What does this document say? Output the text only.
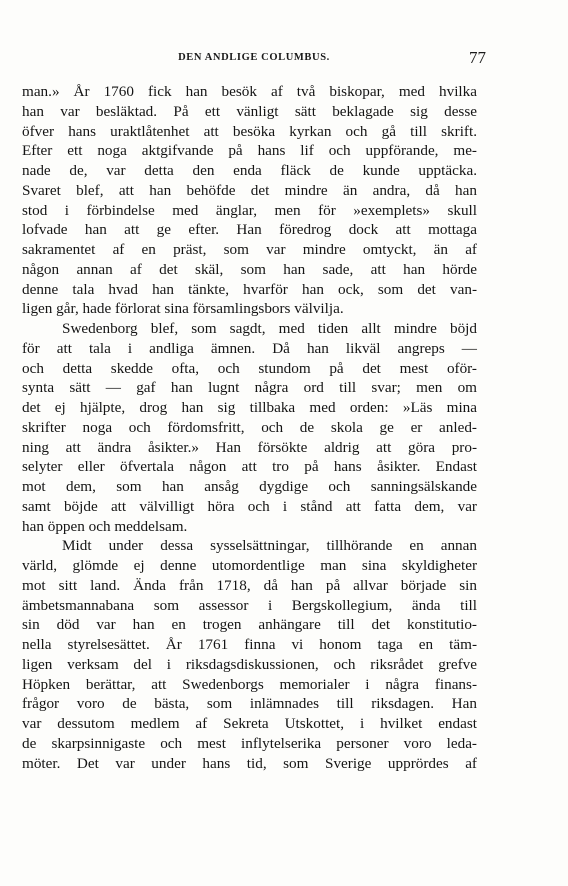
DEN ANDLIGE COLUMBUS.	77
man.» År 1760 fick han besök af två biskopar, med hvilka
han var besläktad. På ett vänligt sätt beklagade sig desse
öfver hans uraktlåtenhet att besöka kyrkan och gå till skrift.
Efter ett noga aktgifvande på hans lif och uppförande, me-
nade de, var detta den enda fläck de kunde upptäcka.
Svaret blef, att han behöfde det mindre än andra, då han
stod i förbindelse med änglar, men för »exemplets» skull
lofvade han att ge efter. Han föredrog dock att mottaga
sakramentet af en präst, som var mindre omtyckt, än af
någon annan af det skäl, som han sade, att han hörde
denne tala hvad han tänkte, hvarför han ock, som det van-
ligen går, hade förlorat sina församlingsbors välvilja.
Swedenborg blef, som sagdt, med tiden allt mindre böjd
för att tala i andliga ämnen. Då han likväl angreps —
och detta skedde ofta, och stundom på det mest oför-
synta sätt — gaf han lugnt några ord till svar; men om
det ej hjälpte, drog han sig tillbaka med orden: »Läs mina
skrifter noga och fördomsfritt, och de skola ge er anled-
ning att ändra åsikter.» Han försökte aldrig att göra pro-
selyter eller öfvertala någon att tro på hans åsikter. Endast
mot dem, som han ansåg dygdige och sanningsälskande
samt böjde att välvilligt höra och i stånd att fatta dem, var
han öppen och meddelsam.
Midt under dessa sysselsättningar, tillhörande en annan
värld, glömde ej denne utomordentlige man sina skyldigheter
mot sitt land. Ända från 1718, då han på allvar började sin
ämbetsmannabana som assessor i Bergskollegium, ända till
sin död var han en trogen anhängare till det konstitutio-
nella styrelsesättet. År 1761 finna vi honom taga en täm-
ligen verksam del i riksdagsdiskussionen, och riksrådet grefve
Höpken berättar, att Swedenborgs memorialer i några finans-
frågor voro de bästa, som inlämnades till riksdagen. Han
var dessutom medlem af Sekreta Utskottet, i hvilket endast
de skarpsinnigaste och mest inflytelserika personer voro leda-
möter. Det var under hans tid, som Sverige upprördes af
